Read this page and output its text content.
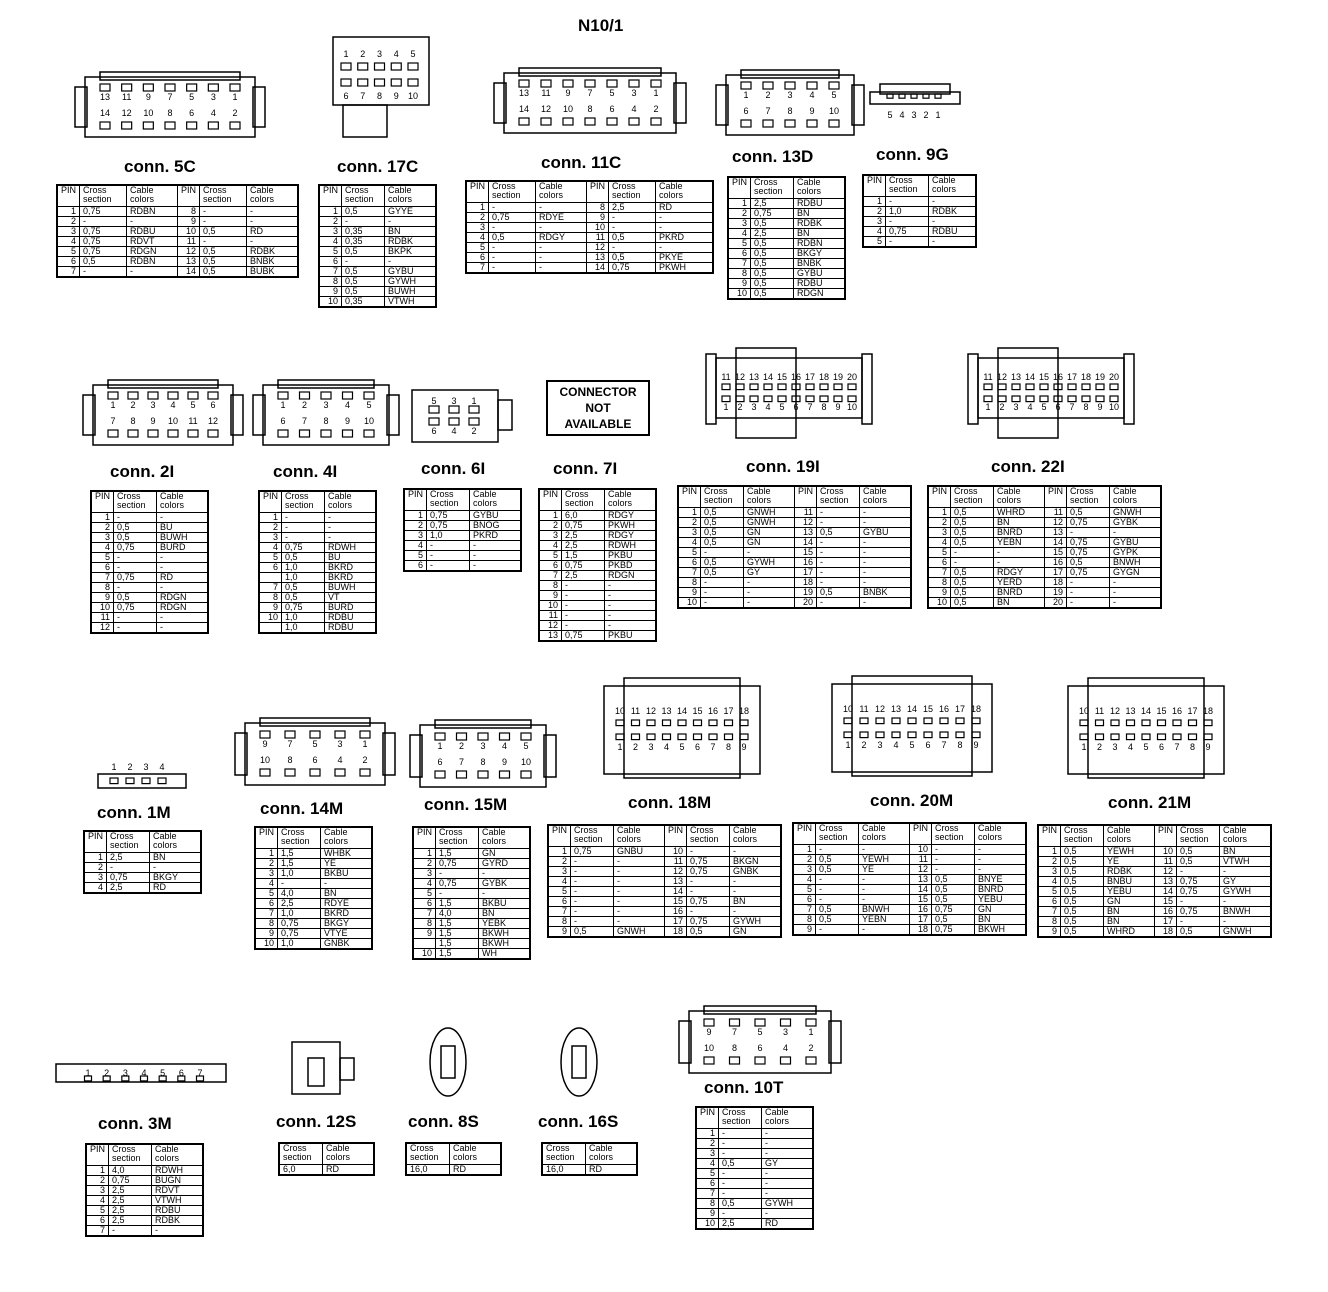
N10/1
conn. 5C
PIN	Cross
section	Cable
colors	PIN	Cross
section	Cable
colors
1	0,75	RDBN	8	-	-
2	-	-	9	-	-
3	0,75	RDBU	10	0,5	RD
4	0,75	RDVT	11	-	-
5	0,75	RDGN	12	0,5	RDBK
6	0,5	RDBN	13	0,5	BNBK
7	-	-	14	0,5	BUBK
conn. 17C
PIN	Cross
section	Cable
colors
1	0,5	GYYE
2	-	-
3	0,35	BN
4	0,35	RDBK
5	0,5	BKPK
6	-	-
7	0,5	GYBU
8	0,5	GYWH
9	0,5	BUWH
10	0,35	VTWH
conn. 11C
PIN	Cross
section	Cable
colors	PIN	Cross
section	Cable
colors
1	-	-	8	2,5	RD
2	0,75	RDYE	9	-	-
3	-	-	10	-	-
4	0,5	RDGY	11	0,5	PKRD
5	-	-	12	-	-
6	-	-	13	0,5	PKYE
7	-	-	14	0,75	PKWH
conn. 13D
PIN	Cross
section	Cable
colors
1	2,5	RDBU
2	0,75	BN
3	0,5	RDBK
4	2,5	BN
5	0,5	RDBN
6	0,5	BKGY
7	0,5	BNBK
8	0,5	GYBU
9	0,5	RDBU
10	0,5	RDGN
conn. 9G
PIN	Cross
section	Cable
colors
1	-	-
2	1,0	RDBK
3	-	-
4	0,75	RDBU
5	-	-
conn. 2I
PIN	Cross
section	Cable
colors
1	-	-
2	0,5	BU
3	0,5	BUWH
4	0,75	BURD
5	-	-
6	-	-
7	0,75	RD
8	-	-
9	0,5	RDGN
10	0,75	RDGN
11	-	-
12	-	-
conn. 4I
PIN	Cross
section	Cable
colors
1	-	-
2	-	-
3	-	-
4	0,75	RDWH
5	0,5	BU
6	1,0	BKRD
	1,0	BKRD
7	0,5	BUWH
8	0,5	VT
9	0,75	BURD
10	1,0	RDBU
	1,0	RDBU
conn. 6I
PIN	Cross
section	Cable
colors
1	0,75	GYBU
2	0,75	BNOG
3	1,0	PKRD
4	-	-
5	-	-
6	-	-
conn. 7I
PIN	Cross
section	Cable
colors
1	6,0	RDGY
2	0,75	PKWH
3	2,5	RDGY
4	2,5	RDWH
5	1,5	PKBU
6	0,75	PKBD
7	2,5	RDGN
8	-	-
9	-	-
10	-	-
11	-	-
12	-	-
13	0,75	PKBU
conn. 19I
PIN	Cross
section	Cable
colors	PIN	Cross
section	Cable
colors
1	0,5	GNWH	11	-	-
2	0,5	GNWH	12	-	-
3	0,5	GN	13	0,5	GYBU
4	0,5	GN	14	-	-
5	-	-	15	-	-
6	0,5	GYWH	16	-	-
7	0,5	GY	17	-	-
8	-	-	18	-	-
9	-	-	19	0,5	BNBK
10	-	-	20	-	-
conn. 22I
PIN	Cross
section	Cable
colors	PIN	Cross
section	Cable
colors
1	0,5	WHRD	11	0,5	GNWH
2	0,5	BN	12	0,75	GYBK
3	0,5	BNRD	13	-	-
4	0,5	YEBN	14	0,75	GYBU
5	-	-	15	0,75	GYPK
6	-	-	16	0,5	BNWH
7	0,5	RDGY	17	0,75	GYGN
8	0,5	YERD	18	-	-
9	0,5	BNRD	19	-	-
10	0,5	BN	20	-	-
conn. 1M
PIN	Cross
section	Cable
colors
1	2,5	BN
2	-	-
3	0,75	BKGY
4	2,5	RD
conn. 14M
PIN	Cross
section	Cable
colors
1	1,5	WHBK
2	1,5	YE
3	1,0	BKBU
4	-	-
5	4,0	BN
6	2,5	RDYE
7	1,0	BKRD
8	0,75	BKGY
9	0,75	VTYE
10	1,0	GNBK
conn. 15M
PIN	Cross
section	Cable
colors
1	1,5	GN
2	0,75	GYRD
3	-	-
4	0,75	GYBK
5	-	-
6	1,5	BKBU
7	4,0	BN
8	1,5	YEBK
9	1,5	BKWH
	1,5	BKWH
10	1,5	WH
conn. 18M
PIN	Cross
section	Cable
colors	PIN	Cross
section	Cable
colors
1	0,75	GNBU	10	-	-
2	-	-	11	0,75	BKGN
3	-	-	12	0,75	GNBK
4	-	-	13	-	-
5	-	-	14	-	-
6	-	-	15	0,75	BN
7	-	-	16	-	-
8	-	-	17	0,75	GYWH
9	0,5	GNWH	18	0,5	GN
conn. 20M
PIN	Cross
section	Cable
colors	PIN	Cross
section	Cable
colors
1	-	-	10	-	-
2	0,5	YEWH	11	-	-
3	0,5	YE	12	-	-
4	-	-	13	0,5	BNYE
5	-	-	14	0,5	BNRD
6	-	-	15	0,5	YEBU
7	0,5	BNWH	16	0,75	GN
8	0,5	YEBN	17	0,5	BN
9	-	-	18	0,75	BKWH
conn. 21M
PIN	Cross
section	Cable
colors	PIN	Cross
section	Cable
colors
1	0,5	YEWH	10	0,5	BN
2	0,5	YE	11	0,5	VTWH
3	0,5	RDBK	12	-	-
4	0,5	BNBU	13	0,75	GY
5	0,5	YEBU	14	0,75	GYWH
6	0,5	GN	15	-	-
7	0,5	BN	16	0,75	BNWH
8	0,5	BN	17	-	-
9	0,5	WHRD	18	0,5	GNWH
conn. 3M
PIN	Cross
section	Cable
colors
1	4,0	RDWH
2	0,75	BUGN
3	2,5	RDVT
4	2,5	VTWH
5	2,5	RDBU
6	2,5	RDBK
7	-	-
conn. 12S
Cross
section	Cable
colors
6,0	RD
conn. 8S
Cross
section	Cable
colors
16,0	RD
conn. 16S
Cross
section	Cable
colors
16,0	RD
conn. 10T
PIN	Cross
section	Cable
colors
1	-	-
2	-	-
3	-	-
4	0,5	GY
5	-	-
6	-	-
7	-	-
8	0,5	GYWH
9	-	-
10	2,5	RD
13 11 9 7 5 3 1
14 12 10 8 6 4 2
13 11 9 7 5 3 1
14 12 10 8 6 4 2
1 2 3 4 5
6 7 8 9 10
1 2 3 4 5 6
7 8 9 10 11 12
1 2 3 4 5
6 7 8 9 10
9 7 5 3 1
10 8 6 4 2
1 2 3 4 5
6 7 8 9 10
9 7 5 3 1
10 8 6 4 2
1 2 3 4 5
6 7 8 9 10
5 4 3 2 1
5 3 1
6 4 2
11 12 13 14 15 16 17 18 19 20
1 2 3 4 5 6 7 8 9 10
11 12 13 14 15 16 17 18 19 20
1 2 3 4 5 6 7 8 9 10
1 2 3 4
10 11 12 13 14 15 16 17 18
1 2 3 4 5 6 7 8 9
10 11 12 13 14 15 16 17 18
1 2 3 4 5 6 7 8 9
10 11 12 13 14 15 16 17 18
1 2 3 4 5 6 7 8 9
1 2 3 4 5 6 7
CONNECTOR
NOT
AVAILABLE
